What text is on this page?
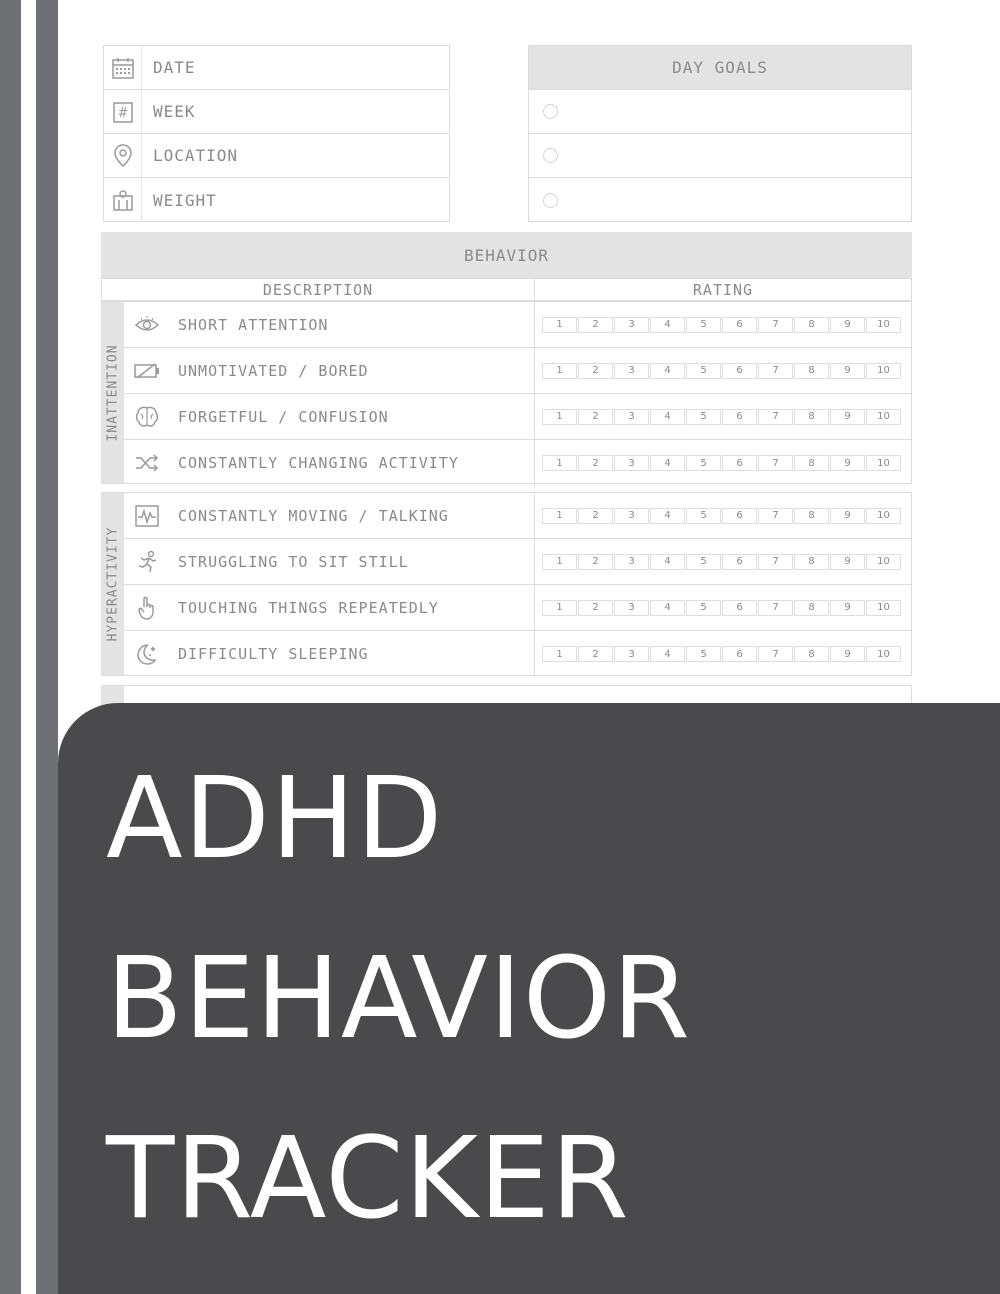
DATE
# WEEK
LOCATION
WEIGHT
DAY GOALS
BEHAVIOR
DESCRIPTION	RATING
INATTENTION
SHORT ATTENTION	1	2	3	4	5	6	7	8	9	10
UNMOTIVATED / BORED	1	2	3	4	5	6	7	8	9	10
FORGETFUL / CONFUSION	1	2	3	4	5	6	7	8	9	10
CONSTANTLY CHANGING ACTIVITY	1	2	3	4	5	6	7	8	9	10
HYPERACTIVITY
CONSTANTLY MOVING / TALKING	1	2	3	4	5	6	7	8	9	10
STRUGGLING TO SIT STILL	1	2	3	4	5	6	7	8	9	10
TOUCHING THINGS REPEATEDLY	1	2	3	4	5	6	7	8	9	10
DIFFICULTY SLEEPING	1	2	3	4	5	6	7	8	9	10
ADHD
BEHAVIOR
TRACKER
